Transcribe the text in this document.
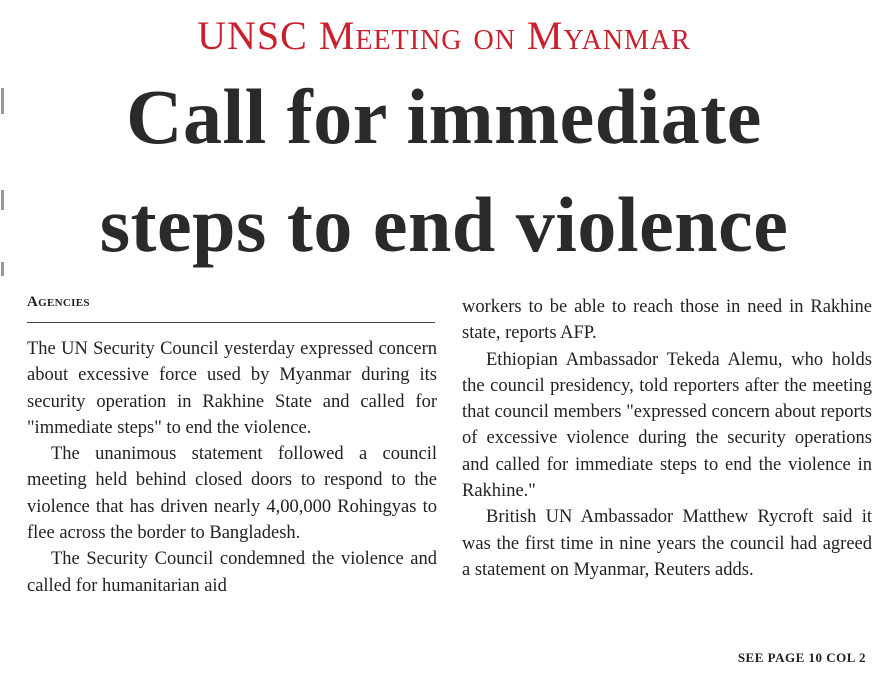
UNSC Meeting on Myanmar
Call for immediate
steps to end violence
Agencies

The UN Security Council yesterday expressed concern about excessive force used by Myanmar during its security operation in Rakhine State and called for "immediate steps" to end the violence.

The unanimous statement followed a council meeting held behind closed doors to respond to the violence that has driven nearly 4,00,000 Rohingyas to flee across the border to Bangladesh.

The Security Council condemned the violence and called for humanitarian aid

workers to be able to reach those in need in Rakhine state, reports AFP.

Ethiopian Ambassador Tekeda Alemu, who holds the council presidency, told reporters after the meeting that council members "expressed concern about reports of excessive violence during the security operations and called for immediate steps to end the violence in Rakhine."

British UN Ambassador Matthew Rycroft said it was the first time in nine years the council had agreed a statement on Myanmar, Reuters adds.

SEE PAGE 10 COL 2
